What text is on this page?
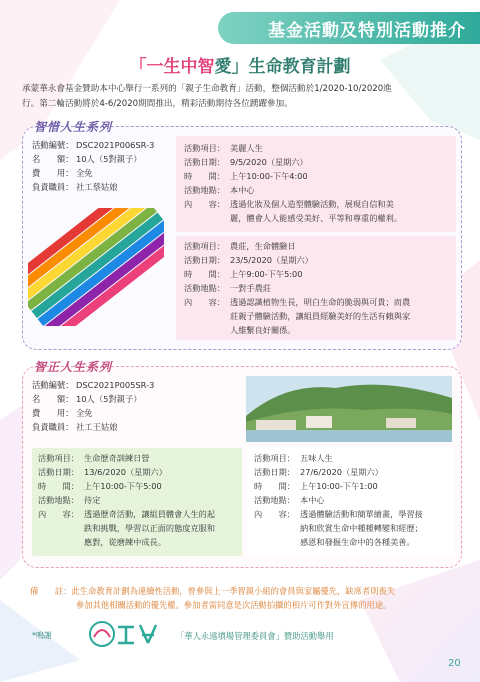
基金活動及特別活動推介
「一生中智愛」生命教育計劃
承蒙華永會基金贊助本中心舉行一系列的「親子生命教育」活動，整個活動於1/2020-10/2020進
行。第二輪活動將於4-6/2020期間推出，精彩活動期待各位踴躍參加。
智惜人生系列
活動編號： DSC2021P006SR-3
名　　額： 10人（5對親子）
費　　用： 全免
負責職員： 社工蔡姑娘
活動項目： 美麗人生
活動日期： 9/5/2020（星期六）
時　　間： 上午10:00-下午4:00
活動地點： 本中心
內　　容： 透過化妝及個人造型體驗活動，展現自信和美
麗，體會人人能感受美好、平等和尊重的權利。
活動項目： 農莊，生命體驗日
活動日期： 23/5/2020（星期六）
時　　間： 上午9:00-下午5:00
活動地點： 一對手農莊
內　　容： 透過認識植物生長，明白生命的脆弱與可貴；而農
莊親子體驗活動，讓組員經驗美好的生活有賴與家
人維繫良好關係。
智正人生系列
活動編號： DSC2021P005SR-3
名　　額： 10人（5對親子）
費　　用： 全免
負責職員： 社工王姑娘
活動項目： 生命歷奇訓練日營
活動日期： 13/6/2020（星期六）
時　　間： 上午10:00-下午5:00
活動地點： 待定
內　　容： 透過歷奇活動，讓組員體會人生的起
跌和挑戰，學習以正面的態度克服和
應對，從磨練中成長。
活動項目： 五味人生
活動日期： 27/6/2020（星期六）
時　　間： 上午10:00-下午1:00
活動地點： 本中心
內　　容： 透過體驗活動和簡單繪畫，學習接
納和欣賞生命中種種轉變和經歷；
感恩和發掘生命中的各種美善。
備　　註：此生命教育計劃為連續性活動，曾參與上一季智親小組的會員與家屬優先，缺席者則喪失
參加其他相關活動的優先權。參加者需同意是次活動拍攝的相片可作對外宣傳的用途。
*鳴謝	「華人永遠墳場管理委員會」贊助活動舉用
20
